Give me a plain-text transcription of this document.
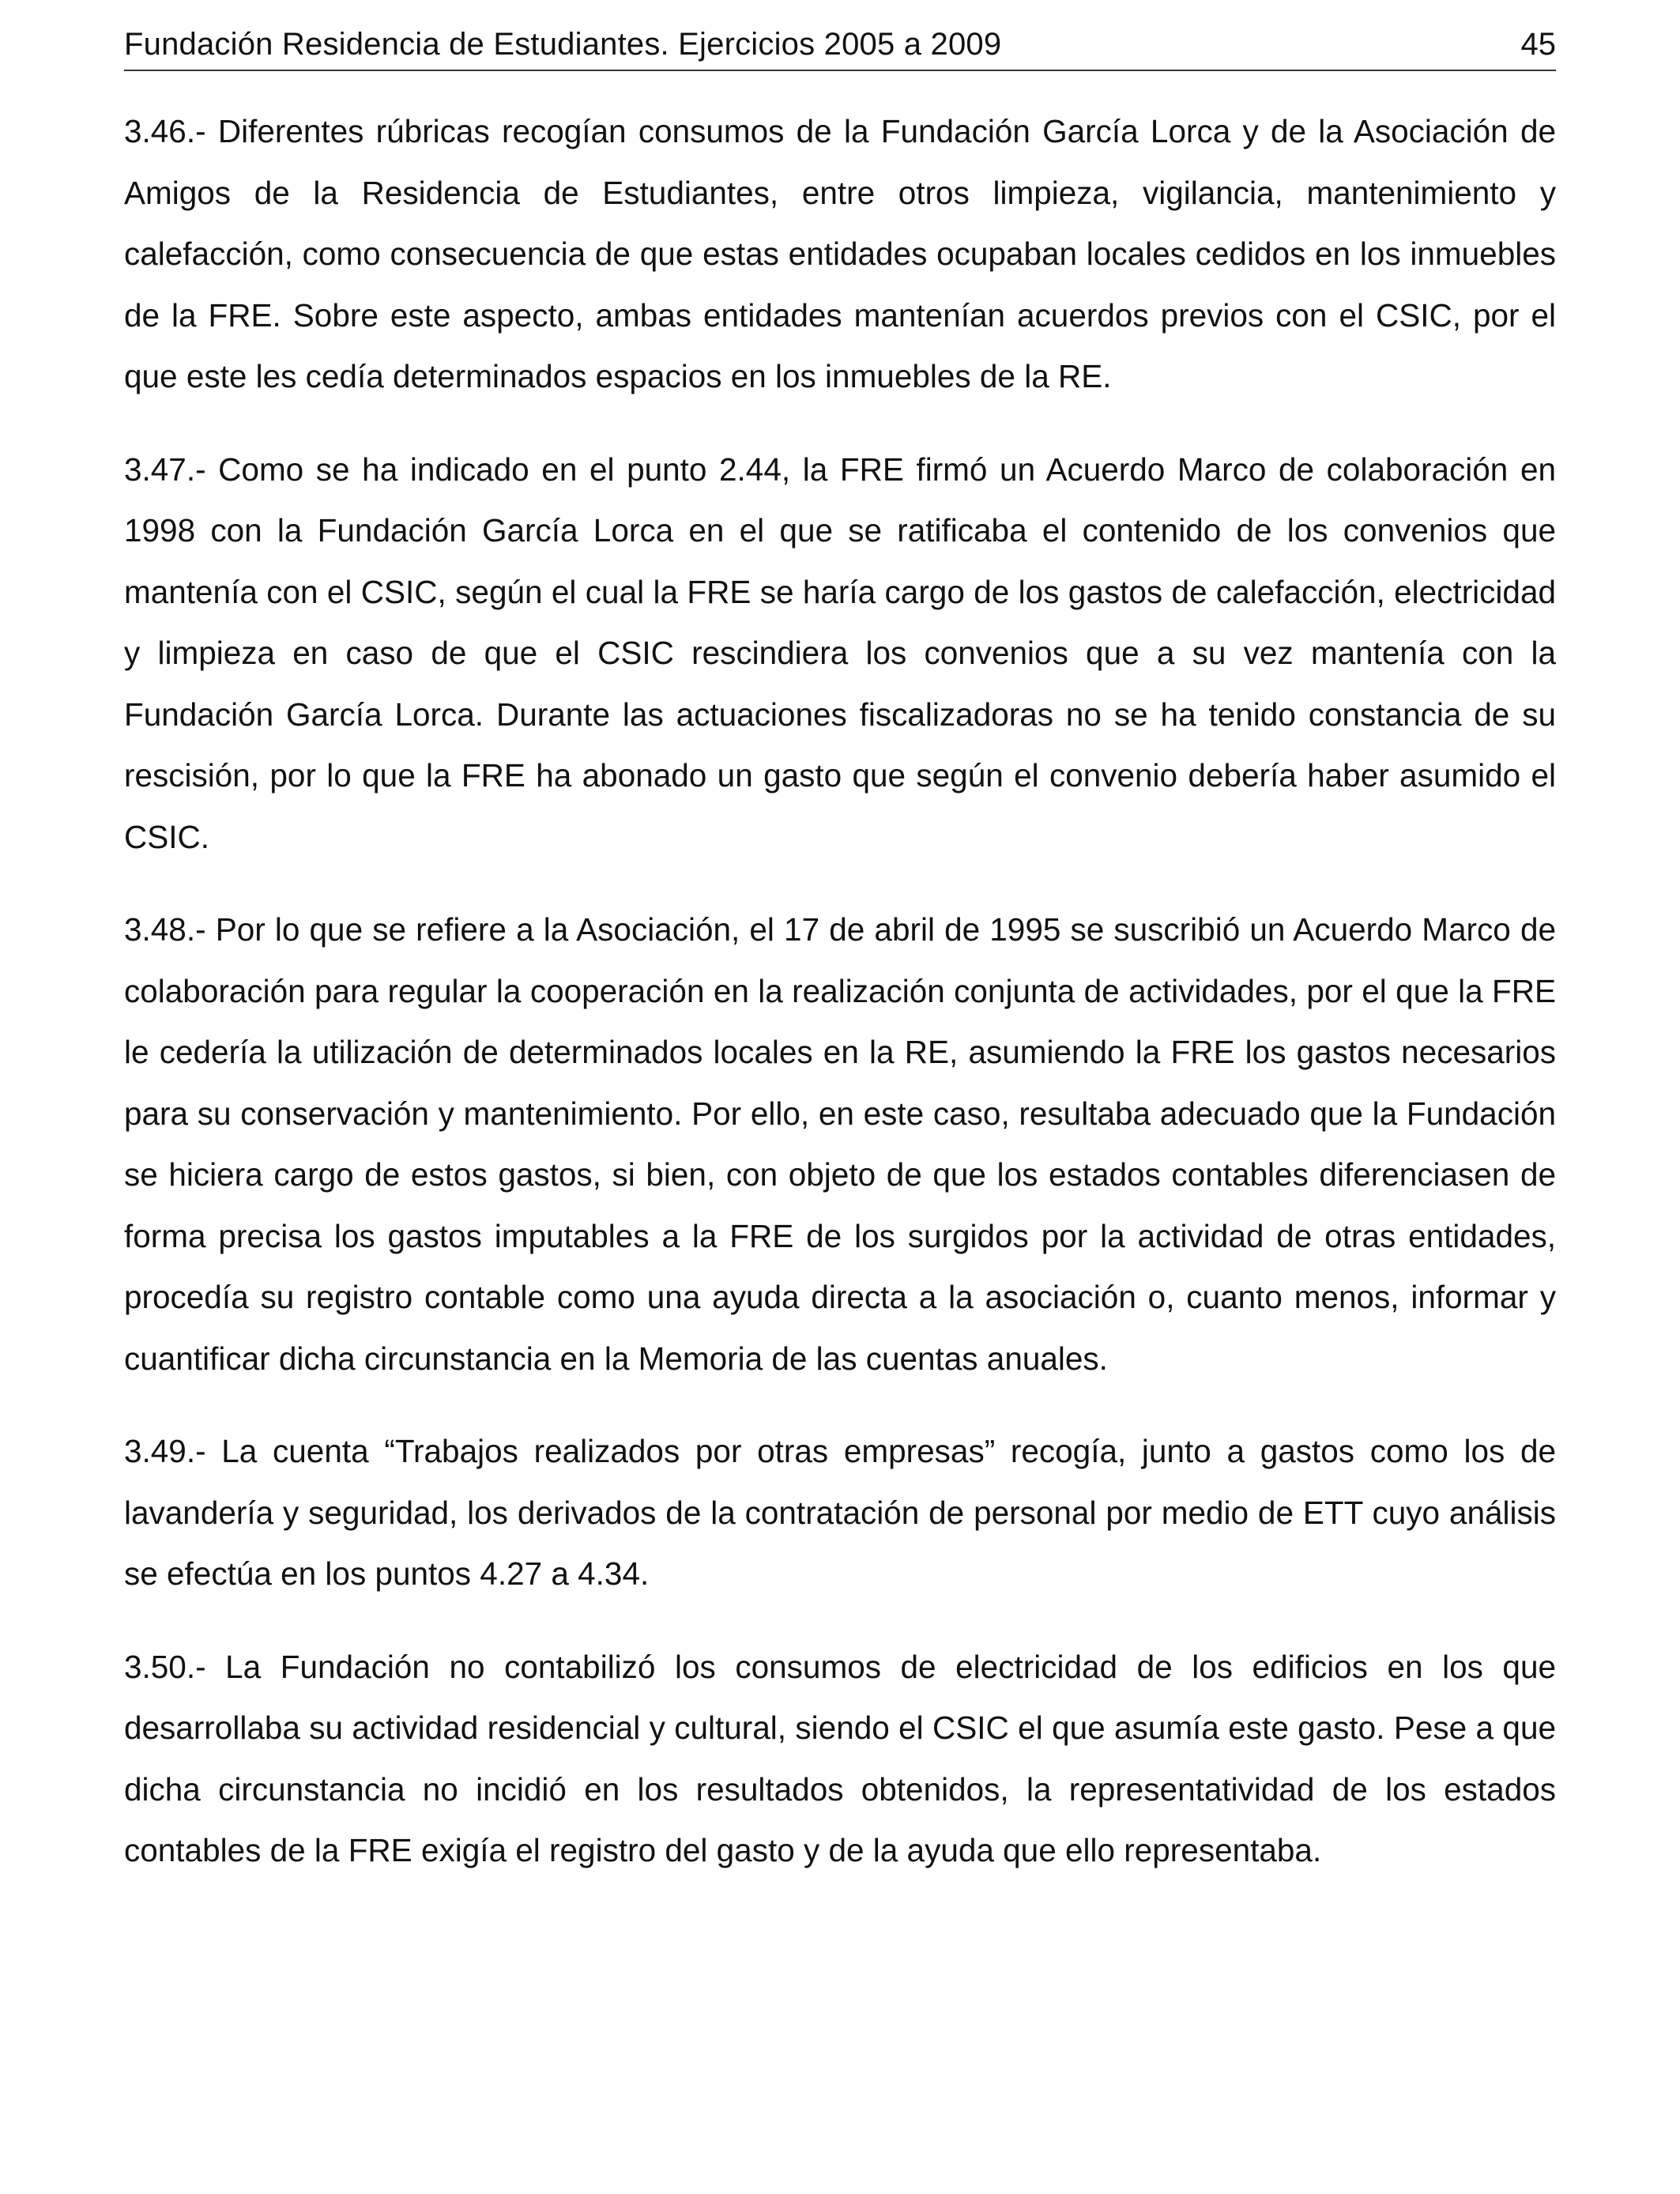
Fundación Residencia de Estudiantes. Ejercicios 2005 a 2009	45

3.46.- Diferentes rúbricas recogían consumos de la Fundación García Lorca y de la Asociación de Amigos de la Residencia de Estudiantes, entre otros limpieza, vigilancia, mantenimiento y calefacción, como consecuencia de que estas entidades ocupaban locales cedidos en los inmuebles de la FRE. Sobre este aspecto, ambas entidades mantenían acuerdos previos con el CSIC, por el que este les cedía determinados espacios en los inmuebles de la RE.

3.47.- Como se ha indicado en el punto 2.44, la FRE firmó un Acuerdo Marco de colaboración en 1998 con la Fundación García Lorca en el que se ratificaba el contenido de los convenios que mantenía con el CSIC, según el cual la FRE se haría cargo de los gastos de calefacción, electricidad y limpieza en caso de que el CSIC rescindiera los convenios que a su vez mantenía con la Fundación García Lorca. Durante las actuaciones fiscalizadoras no se ha tenido constancia de su rescisión, por lo que la FRE ha abonado un gasto que según el convenio debería haber asumido el CSIC.

3.48.- Por lo que se refiere a la Asociación, el 17 de abril de 1995 se suscribió un Acuerdo Marco de colaboración para regular la cooperación en la realización conjunta de actividades, por el que la FRE le cedería la utilización de determinados locales en la RE, asumiendo la FRE los gastos necesarios para su conservación y mantenimiento. Por ello, en este caso, resultaba adecuado que la Fundación se hiciera cargo de estos gastos, si bien, con objeto de que los estados contables diferenciasen de forma precisa los gastos imputables a la FRE de los surgidos por la actividad de otras entidades, procedía su registro contable como una ayuda directa a la asociación o, cuanto menos, informar y cuantificar dicha circunstancia en la Memoria de las cuentas anuales.

3.49.- La cuenta “Trabajos realizados por otras empresas” recogía, junto a gastos como los de lavandería y seguridad, los derivados de la contratación de personal por medio de ETT cuyo análisis se efectúa en los puntos 4.27 a 4.34.

3.50.- La Fundación no contabilizó los consumos de electricidad de los edificios en los que desarrollaba su actividad residencial y cultural, siendo el CSIC el que asumía este gasto. Pese a que dicha circunstancia no incidió en los resultados obtenidos, la representatividad de los estados contables de la FRE exigía el registro del gasto y de la ayuda que ello representaba.
